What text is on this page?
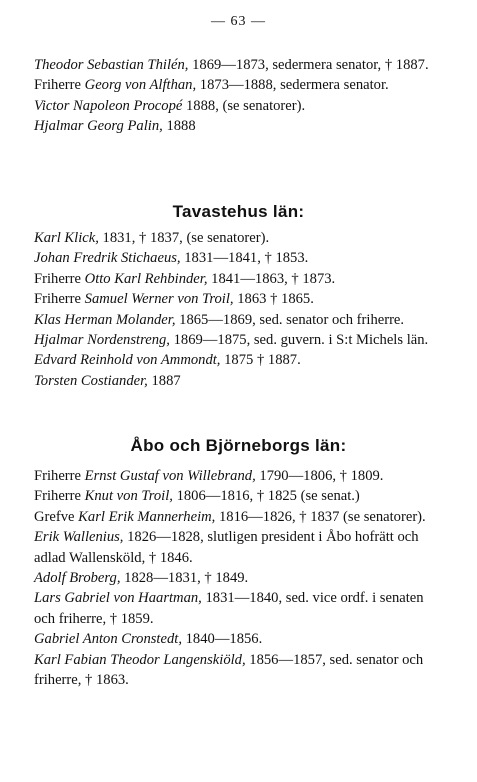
— 63 —

Theodor Sebastian Thilén, 1869—1873, sedermera senator, † 1887.

Friherre Georg von Alfthan, 1873—1888, sedermera senator.

Victor Napoleon Procopé 1888, (se senatorer).

Hjalmar Georg Palin, 1888

Tavastehus län:

Karl Klick, 1831, † 1837, (se senatorer).

Johan Fredrik Stichaeus, 1831—1841, † 1853.

Friherre Otto Karl Rehbinder, 1841—1863, † 1873.

Friherre Samuel Werner von Troil, 1863 † 1865.

Klas Herman Molander, 1865—1869, sed. senator och friherre.

Hjalmar Nordenstreng, 1869—1875, sed. guvern. i S:t Michels län.

Edvard Reinhold von Ammondt, 1875 † 1887.

Torsten Costiander, 1887

Åbo och Björneborgs län:

Friherre Ernst Gustaf von Willebrand, 1790—1806, † 1809.

Friherre Knut von Troil, 1806—1816, † 1825 (se senat.)

Grefve Karl Erik Mannerheim, 1816—1826, † 1837 (se senatorer).

Erik Wallenius, 1826—1828, slutligen president i Åbo hofrätt och adlad Wallensköld, † 1846.

Adolf Broberg, 1828—1831, † 1849.

Lars Gabriel von Haartman, 1831—1840, sed. vice ordf. i senaten och friherre, † 1859.

Gabriel Anton Cronstedt, 1840—1856.

Karl Fabian Theodor Langenskiöld, 1856—1857, sed. senator och friherre, † 1863.
